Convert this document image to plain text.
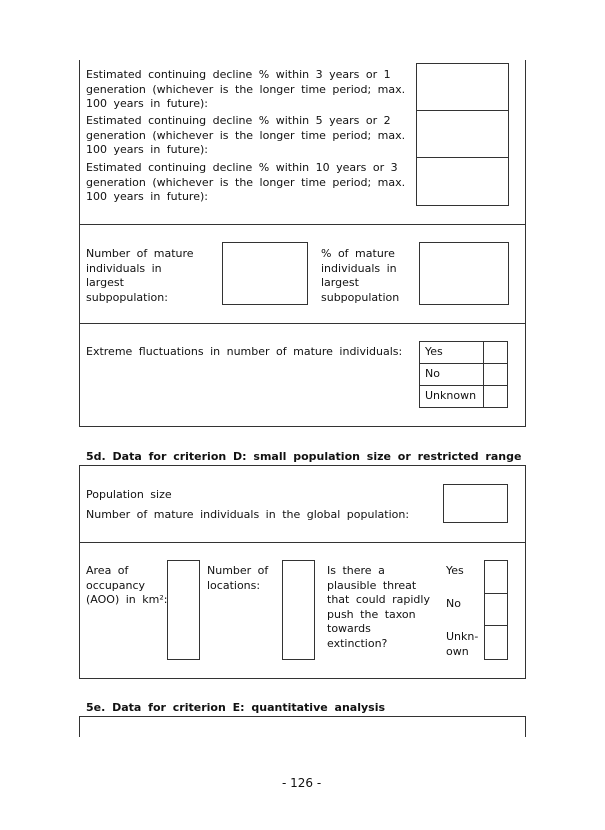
Estimated continuing decline % within 3 years or 1 generation (whichever is the longer time period; max. 100 years in future):
Estimated continuing decline % within 5 years or 2 generation (whichever is the longer time period; max. 100 years in future):
Estimated continuing decline % within 10 years or 3 generation (whichever is the longer time period; max. 100 years in future):
Number of mature individuals in largest subpopulation:
% of mature individuals in largest subpopulation
Extreme fluctuations in number of mature individuals:	Yes	
No	
Unknown	
5d. Data for criterion D: small population size or restricted range
Population size
Number of mature individuals in the global population:
Area of occupancy (AOO) in km²:
Number of locations:
Is there a plausible threat that could rapidly push the taxon towards extinction?
Yes
No
Unkn-own
5e. Data for criterion E: quantitative analysis
- 126 -
